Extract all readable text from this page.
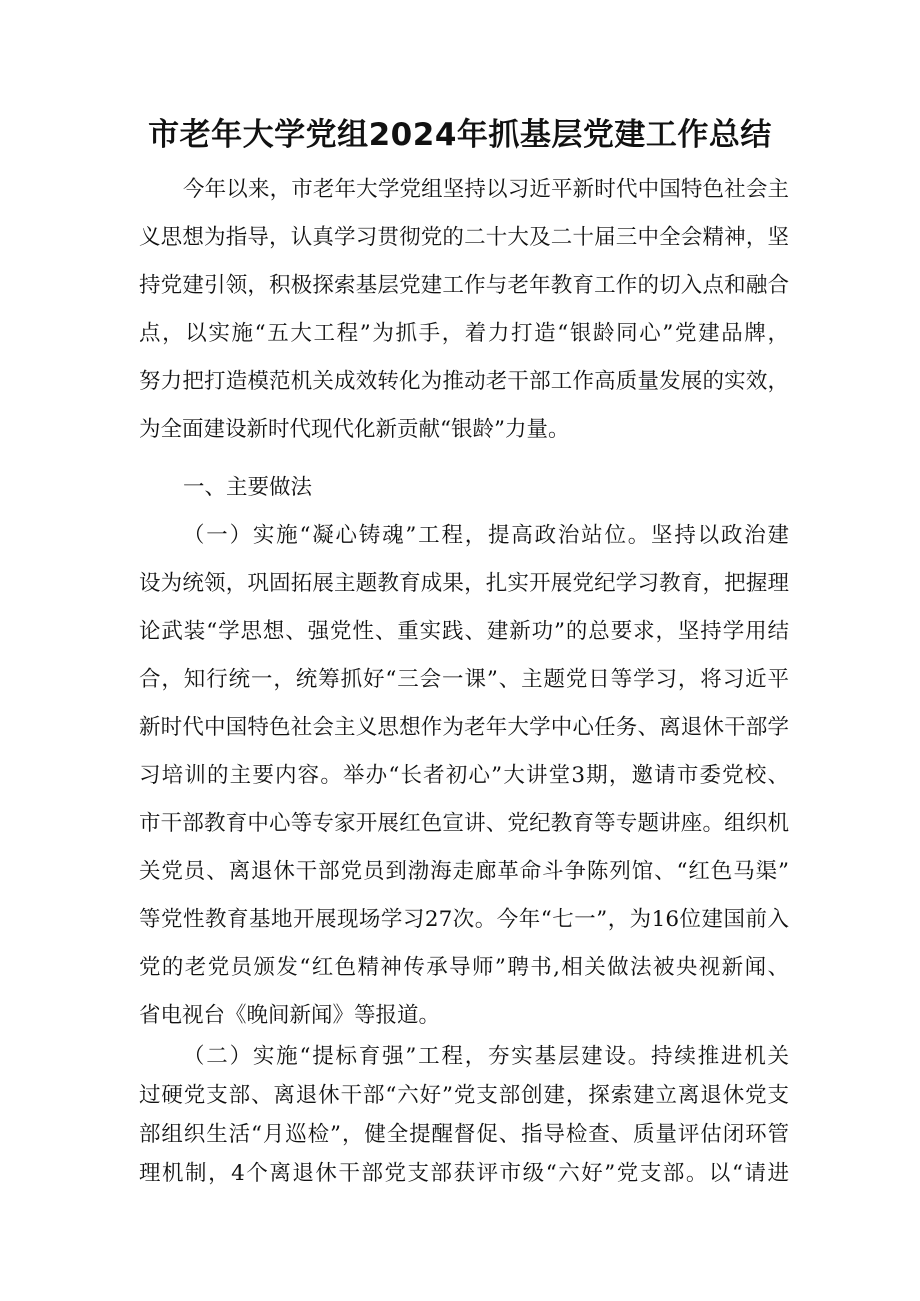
市老年大学党组2024年抓基层党建工作总结
今年以来，市老年大学党组坚持以习近平新时代中国特色社会主
义思想为指导，认真学习贯彻党的二十大及二十届三中全会精神，坚
持党建引领，积极探索基层党建工作与老年教育工作的切入点和融合
点，以实施“五大工程”为抓手，着力打造“银龄同心”党建品牌，
努力把打造模范机关成效转化为推动老干部工作高质量发展的实效，
为全面建设新时代现代化新贡献“银龄”力量。

一、主要做法

（一）实施“凝心铸魂”工程，提高政治站位。坚持以政治建
设为统领，巩固拓展主题教育成果，扎实开展党纪学习教育，把握理
论武装“学思想、强党性、重实践、建新功”的总要求，坚持学用结
合，知行统一，统筹抓好“三会一课”、主题党日等学习，将习近平
新时代中国特色社会主义思想作为老年大学中心任务、离退休干部学
习培训的主要内容。举办“长者初心”大讲堂3期，邀请市委党校、
市干部教育中心等专家开展红色宣讲、党纪教育等专题讲座。组织机
关党员、离退休干部党员到渤海走廊革命斗争陈列馆、“红色马渠”
等党性教育基地开展现场学习27次。今年“七一”，为16位建国前入
党的老党员颁发“红色精神传承导师”聘书,相关做法被央视新闻、
省电视台《晚间新闻》等报道。
（二）实施“提标育强”工程，夯实基层建设。持续推进机关
过硬党支部、离退休干部“六好”党支部创建，探索建立离退休党支
部组织生活“月巡检”，健全提醒督促、指导检查、质量评估闭环管
理机制，4个离退休干部党支部获评市级“六好”党支部。以“请进
